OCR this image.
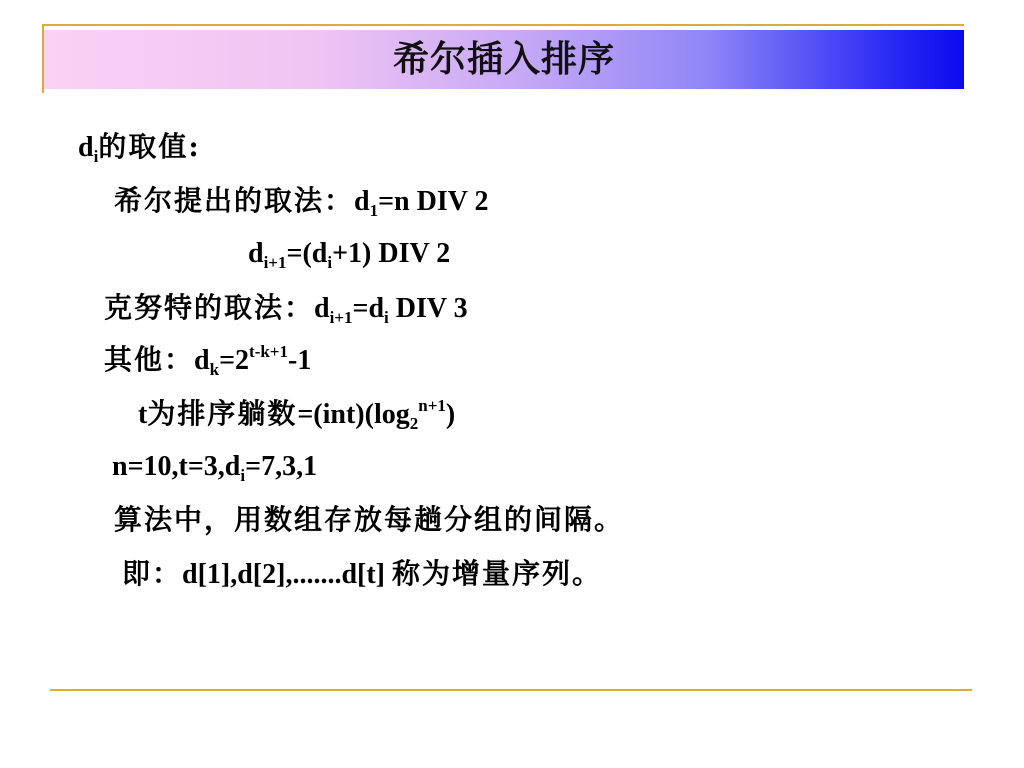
希尔插入排序
$d_i$的取值:
希尔提出的取法：$d_1=n$ DIV 2
$d_{i+1}=(d_i+1)$ DIV 2
克努特的取法：$d_{i+1}=d_i$ DIV 3
其他：$d_k=2^{t-k+1}-1$
t为排序躺数$=(int)(\log_2^{n+1})$
$n=10,t=3,d_i=7,3,1$
算法中，用数组存放每趟分组的间隔。
即：d[1],d[2],.......d[t] 称为增量序列。
